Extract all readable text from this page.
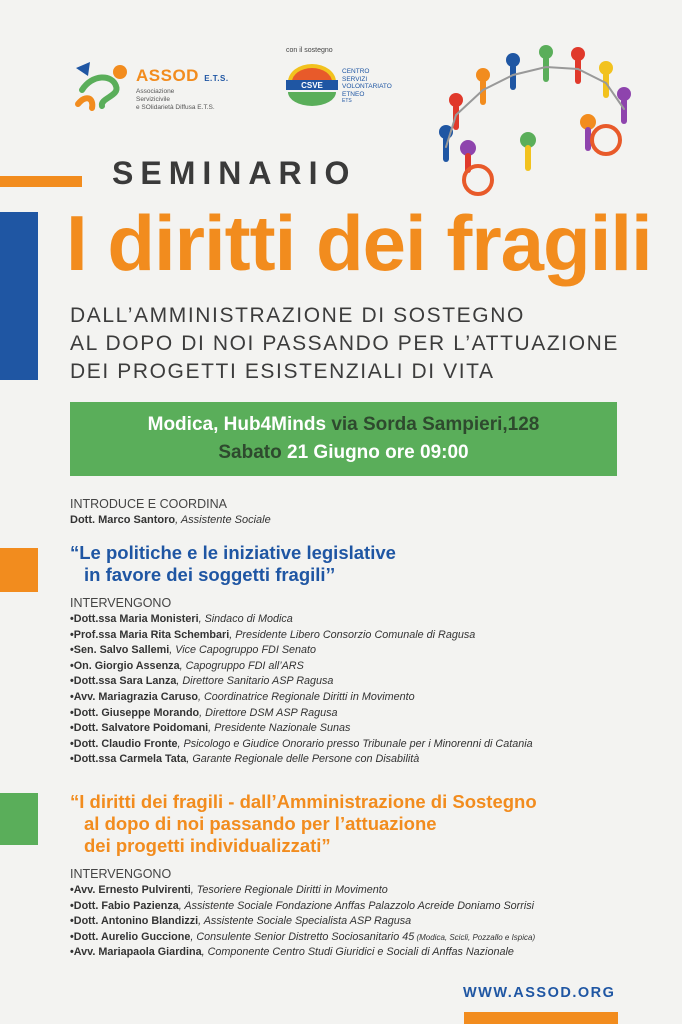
ASSOD E.T.S.
Associazione
Servizicivile
e SOlidarietà Diffusa E.T.S.
con il sostegno
CSVE
CENTRO
SERVIZI
VOLONTARIATO
ETNEO
ETS
SEMINARIO
I diritti dei fragili
DALL’AMMINISTRAZIONE DI SOSTEGNO
AL DOPO DI NOI PASSANDO PER L’ATTUAZIONE
DEI PROGETTI ESISTENZIALI DI VITA
Modica, Hub4Minds via Sorda Sampieri,128
Sabato 21 Giugno ore 09:00
INTRODUCE E COORDINA
Dott. Marco Santoro, Assistente Sociale
“Le politiche e le iniziative legislative
in favore dei soggetti fragili’’
INTERVENGONO
• Dott.ssa Maria Monisteri, Sindaco di Modica
• Prof.ssa Maria Rita Schembari, Presidente Libero Consorzio Comunale di Ragusa
• Sen. Salvo Sallemi, Vice Capogruppo FDI Senato
• On. Giorgio Assenza, Capogruppo FDI all’ARS
• Dott.ssa Sara Lanza, Direttore Sanitario ASP Ragusa
• Avv. Mariagrazia Caruso, Coordinatrice Regionale Diritti in Movimento
• Dott. Giuseppe Morando, Direttore DSM ASP Ragusa
• Dott. Salvatore Poidomani, Presidente Nazionale Sunas
• Dott. Claudio Fronte, Psicologo e Giudice Onorario presso Tribunale per i Minorenni di Catania
• Dott.ssa Carmela Tata, Garante Regionale delle Persone con Disabilità
“I diritti dei fragili - dall’Amministrazione di Sostegno
al dopo di noi passando per l’attuazione
dei progetti individualizzati”
INTERVENGONO
• Avv. Ernesto Pulvirenti, Tesoriere Regionale Diritti in Movimento
• Dott. Fabio Pazienza, Assistente Sociale Fondazione Anffas Palazzolo Acreide Doniamo Sorrisi
• Dott. Antonino Blandizzi, Assistente Sociale Specialista ASP Ragusa
• Dott. Aurelio Guccione, Consulente Senior Distretto Sociosanitario 45 (Modica, Scicli, Pozzallo e Ispica)
• Avv. Mariapaola Giardina, Componente Centro Studi Giuridici e Sociali di Anffas Nazionale
WWW.ASSOD.ORG
